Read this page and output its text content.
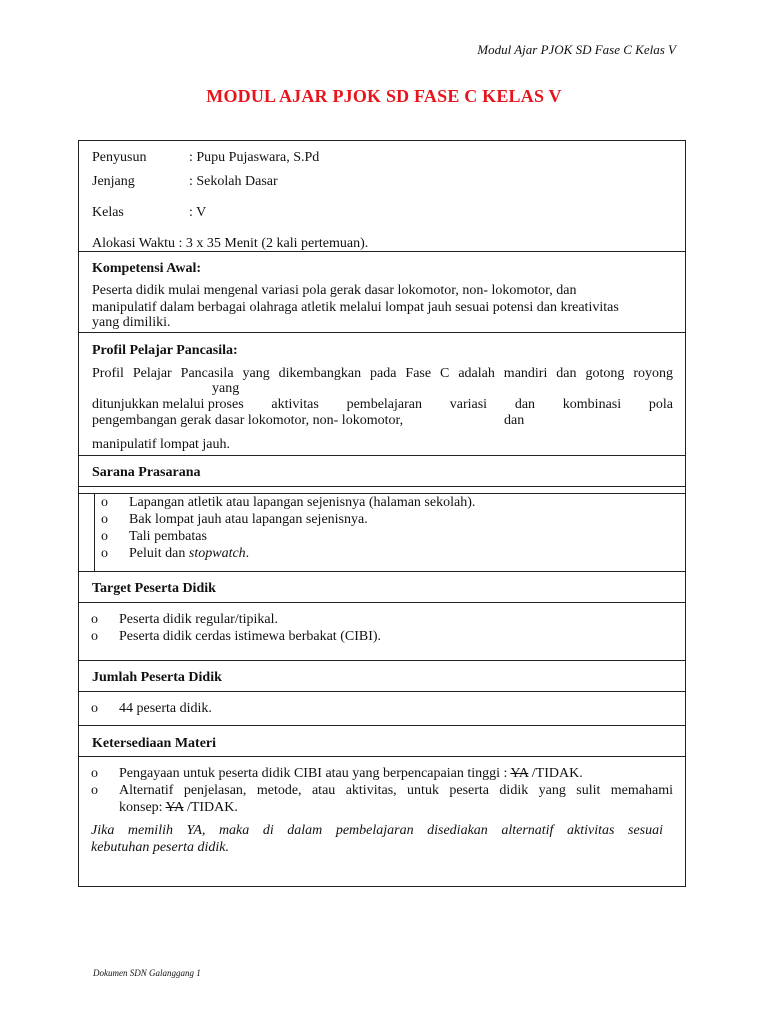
Modul Ajar PJOK SD Fase C Kelas V
MODUL AJAR PJOK SD FASE C KELAS V
Penyusun	: Pupu Pujaswara, S.Pd
Jenjang	: Sekolah Dasar
Kelas	: V
Alokasi Waktu : 3 x 35 Menit (2 kali pertemuan).
Kompetensi Awal:
Peserta didik mulai mengenal variasi pola gerak dasar lokomotor, non- lokomotor, dan
manipulatif dalam berbagai olahraga atletik melalui lompat jauh sesuai potensi dan kreativitas
yang dimiliki.
Profil Pelajar Pancasila:
Profil Pelajar Pancasila yang dikembangkan pada Fase C adalah mandiri dan gotong royong
yang
ditunjukkan melalui proses aktivitas pembelajaran variasi dan kombinasi pola
pengembangan gerak dasar lokomotor, non- lokomotor,	dan
manipulatif lompat jauh.
Sarana Prasarana
o Lapangan atletik atau lapangan sejenisnya (halaman sekolah).
o Bak lompat jauh atau lapangan sejenisnya.
o Tali pembatas
o Peluit dan stopwatch.
Target Peserta Didik
o Peserta didik regular/tipikal.
o Peserta didik cerdas istimewa berbakat (CIBI).
Jumlah Peserta Didik
o 44 peserta didik.
Ketersediaan Materi
o Pengayaan untuk peserta didik CIBI atau yang berpencapaian tinggi : YA /TIDAK.
o Alternatif penjelasan, metode, atau aktivitas, untuk peserta didik yang sulit memahami
konsep: YA /TIDAK.
Jika memilih YA, maka di dalam pembelajaran disediakan alternatif aktivitas sesuai
kebutuhan peserta didik.
Dokumen SDN Galanggang 1
